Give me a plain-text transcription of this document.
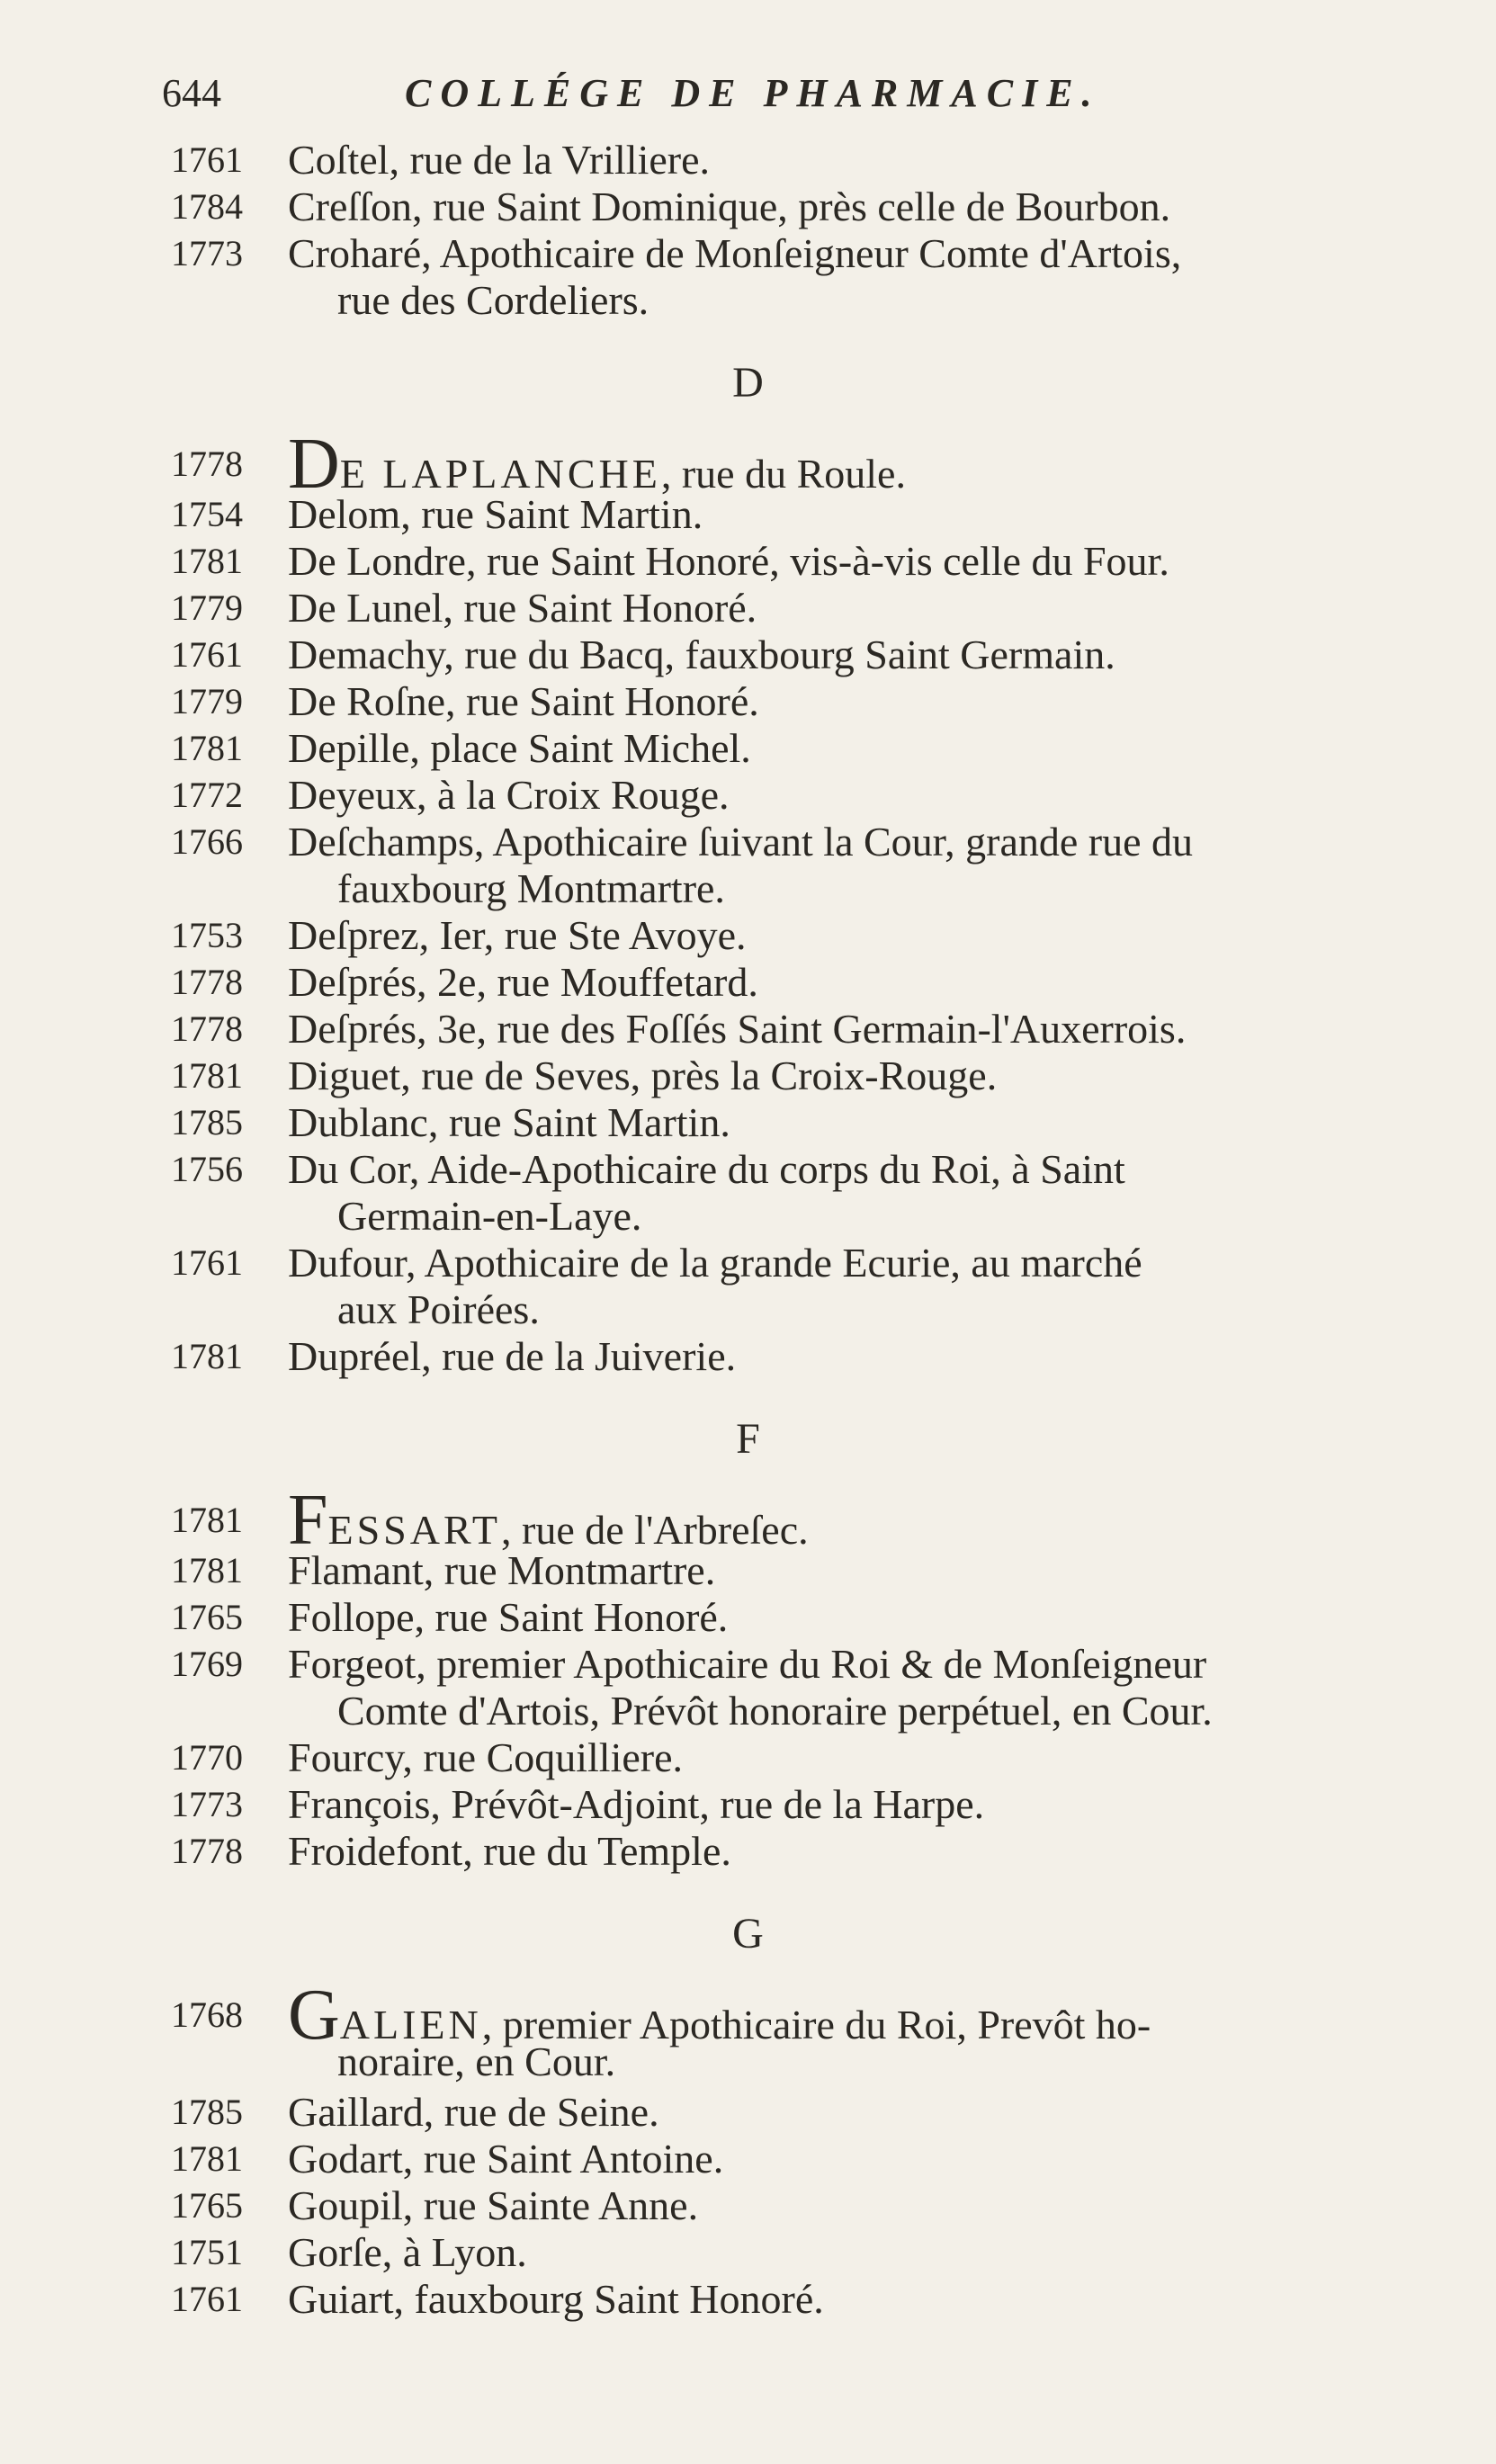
644	COLLÉGE DE PHARMACIE.
1761 Coſtel, rue de la Vrilliere.
1784 Creſſon, rue Saint Dominique, près celle de Bourbon.
1773 Croharé, Apothicaire de Monſeigneur Comte d'Artois,
rue des Cordeliers.
D
1778 DE LAPLANCHE, rue du Roule.
1754 Delom, rue Saint Martin.
1781 De Londre, rue Saint Honoré, vis-à-vis celle du Four.
1779 De Lunel, rue Saint Honoré.
1761 Demachy, rue du Bacq, fauxbourg Saint Germain.
1779 De Roſne, rue Saint Honoré.
1781 Depille, place Saint Michel.
1772 Deyeux, à la Croix Rouge.
1766 Deſchamps, Apothicaire ſuivant la Cour, grande rue du
fauxbourg Montmartre.
1753 Deſprez, Ier, rue Ste Avoye.
1778 Deſprés, 2e, rue Mouffetard.
1778 Deſprés, 3e, rue des Foſſés Saint Germain-l'Auxerrois.
1781 Diguet, rue de Seves, près la Croix-Rouge.
1785 Dublanc, rue Saint Martin.
1756 Du Cor, Aide-Apothicaire du corps du Roi, à Saint
Germain-en-Laye.
1761 Dufour, Apothicaire de la grande Ecurie, au marché
aux Poirées.
1781 Dupréel, rue de la Juiverie.
F
1781 FESSART, rue de l'Arbreſec.
1781 Flamant, rue Montmartre.
1765 Follope, rue Saint Honoré.
1769 Forgeot, premier Apothicaire du Roi & de Monſeigneur
Comte d'Artois, Prévôt honoraire perpétuel, en Cour.
1770 Fourcy, rue Coquilliere.
1773 François, Prévôt-Adjoint, rue de la Harpe.
1778 Froidefont, rue du Temple.
G
1768 GALIEN, premier Apothicaire du Roi, Prevôt ho-
noraire, en Cour.
1785 Gaillard, rue de Seine.
1781 Godart, rue Saint Antoine.
1765 Goupil, rue Sainte Anne.
1751 Gorſe, à Lyon.
1761 Guiart, fauxbourg Saint Honoré.
